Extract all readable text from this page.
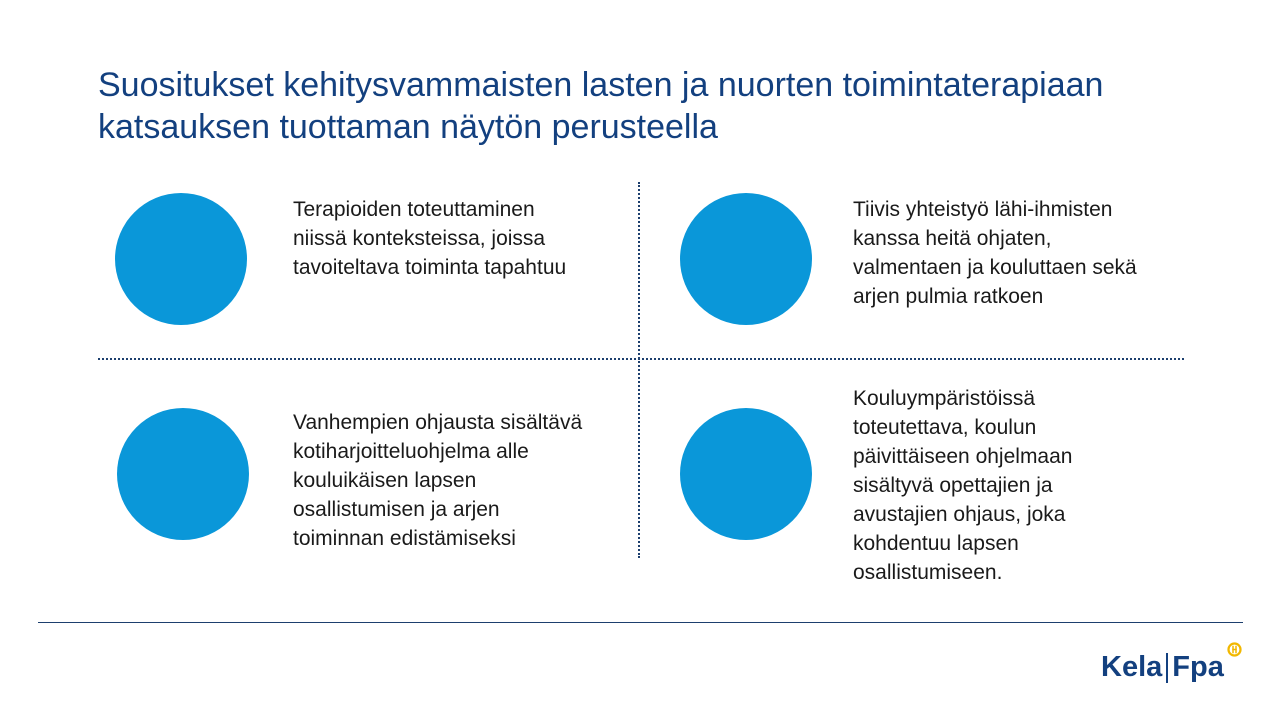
Suositukset kehitysvammaisten lasten ja nuorten toimintaterapiaan
katsauksen tuottaman näytön perusteella

Terapioiden toteuttaminen
niissä konteksteissa, joissa
tavoiteltava toiminta tapahtuu

Tiivis yhteistyö lähi-ihmisten
kanssa heitä ohjaten,
valmentaen ja kouluttaen sekä
arjen pulmia ratkoen

Vanhempien ohjausta sisältävä
kotiharjoitteluohjelma alle
kouluikäisen lapsen
osallistumisen ja arjen
toiminnan edistämiseksi

Kouluympäristöissä
toteutettava, koulun
päivittäiseen ohjelmaan
sisältyvä opettajien ja
avustajien ohjaus, joka
kohdentuu lapsen
osallistumiseen.

Kela Fpa
